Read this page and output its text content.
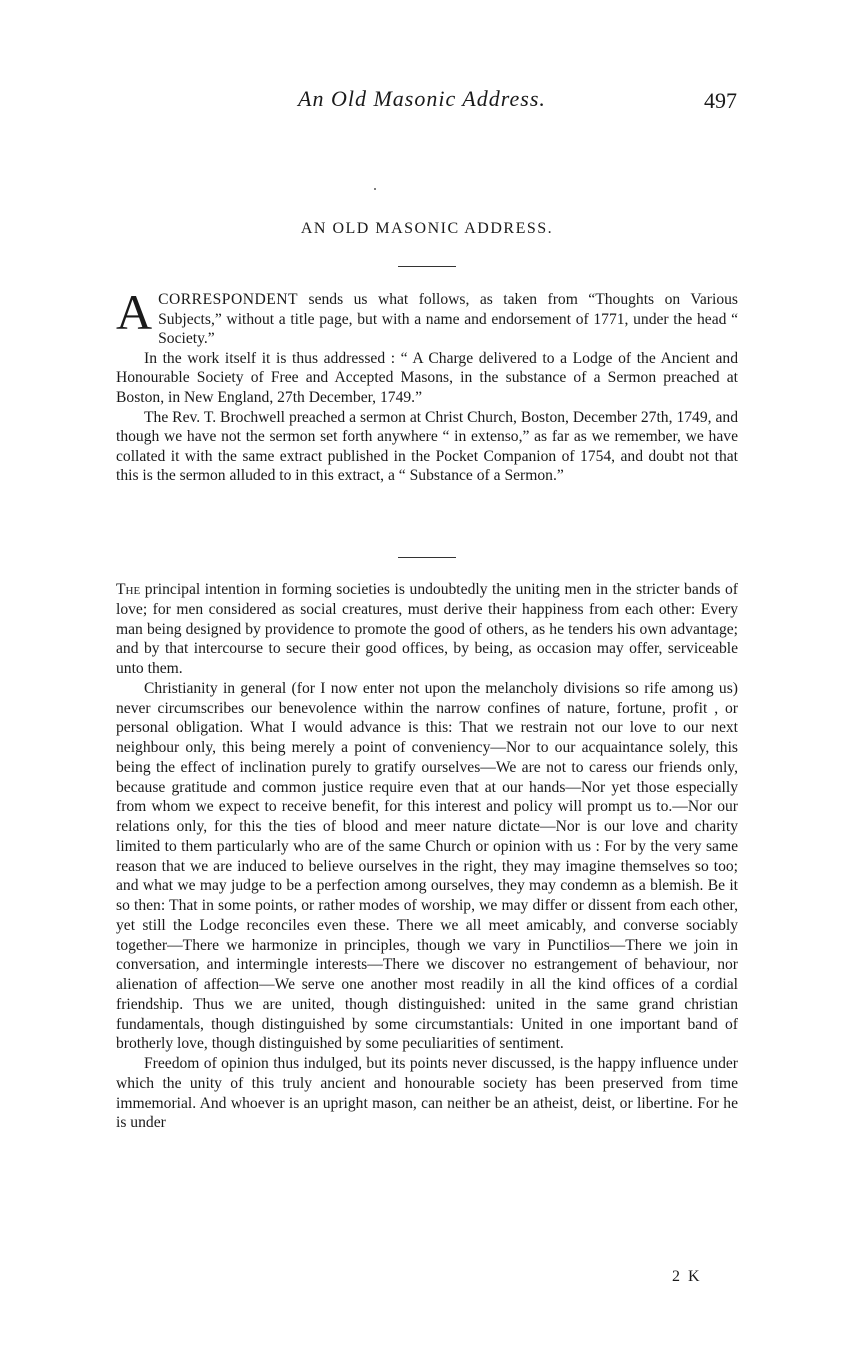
An Old Masonic Address.	497
AN OLD MASONIC ADDRESS.

ACORRESPONDENT sends us what follows, as taken from “Thoughts on Various Subjects,” without a title page, but with a name and endorsement of 1771, under the head “ Society.”

In the work itself it is thus addressed : “ A Charge delivered to a Lodge of the Ancient and Honourable Society of Free and Accepted Masons, in the substance of a Sermon preached at Boston, in New England, 27th December, 1749.”

The Rev. T. Brochwell preached a sermon at Christ Church, Boston, December 27th, 1749, and though we have not the sermon set forth anywhere “ in extenso,” as far as we remember, we have collated it with the same extract published in the Pocket Companion of 1754, and doubt not that this is the sermon alluded to in this extract, a “ Substance of a Sermon.”

The principal intention in forming societies is undoubtedly the uniting men in the stricter bands of love; for men considered as social creatures, must derive their happiness from each other: Every man being designed by providence to promote the good of others, as he tenders his own advantage; and by that intercourse to secure their good offices, by being, as occasion may offer, serviceable unto them.

Christianity in general (for I now enter not upon the melancholy divisions so rife among us) never circumscribes our benevolence within the narrow confines of nature, fortune, profit , or personal obligation. What I would advance is this: That we restrain not our love to our next neighbour only, this being merely a point of conveniency—Nor to our acquaintance solely, this being the effect of inclination purely to gratify ourselves—We are not to caress our friends only, because gratitude and common justice require even that at our hands—Nor yet those especially from whom we expect to receive benefit, for this interest and policy will prompt us to.—Nor our relations only, for this the ties of blood and meer nature dictate—Nor is our love and charity limited to them particularly who are of the same Church or opinion with us : For by the very same reason that we are induced to believe ourselves in the right, they may imagine themselves so too; and what we may judge to be a perfection among ourselves, they may condemn as a blemish. Be it so then: That in some points, or rather modes of worship, we may differ or dissent from each other, yet still the Lodge reconciles even these. There we all meet amicably, and converse sociably together—There we harmonize in principles, though we vary in Punctilios—There we join in conversation, and intermingle interests—There we discover no estrangement of behaviour, nor alienation of affection—We serve one another most readily in all the kind offices of a cordial friendship. Thus we are united, though distinguished: united in the same grand christian fundamentals, though distinguished by some circumstantials: United in one important band of brotherly love, though distinguished by some peculiarities of sentiment.

Freedom of opinion thus indulged, but its points never discussed, is the happy influence under which the unity of this truly ancient and honourable society has been preserved from time immemorial. And whoever is an upright mason, can neither be an atheist, deist, or libertine. For he is under

2 K
